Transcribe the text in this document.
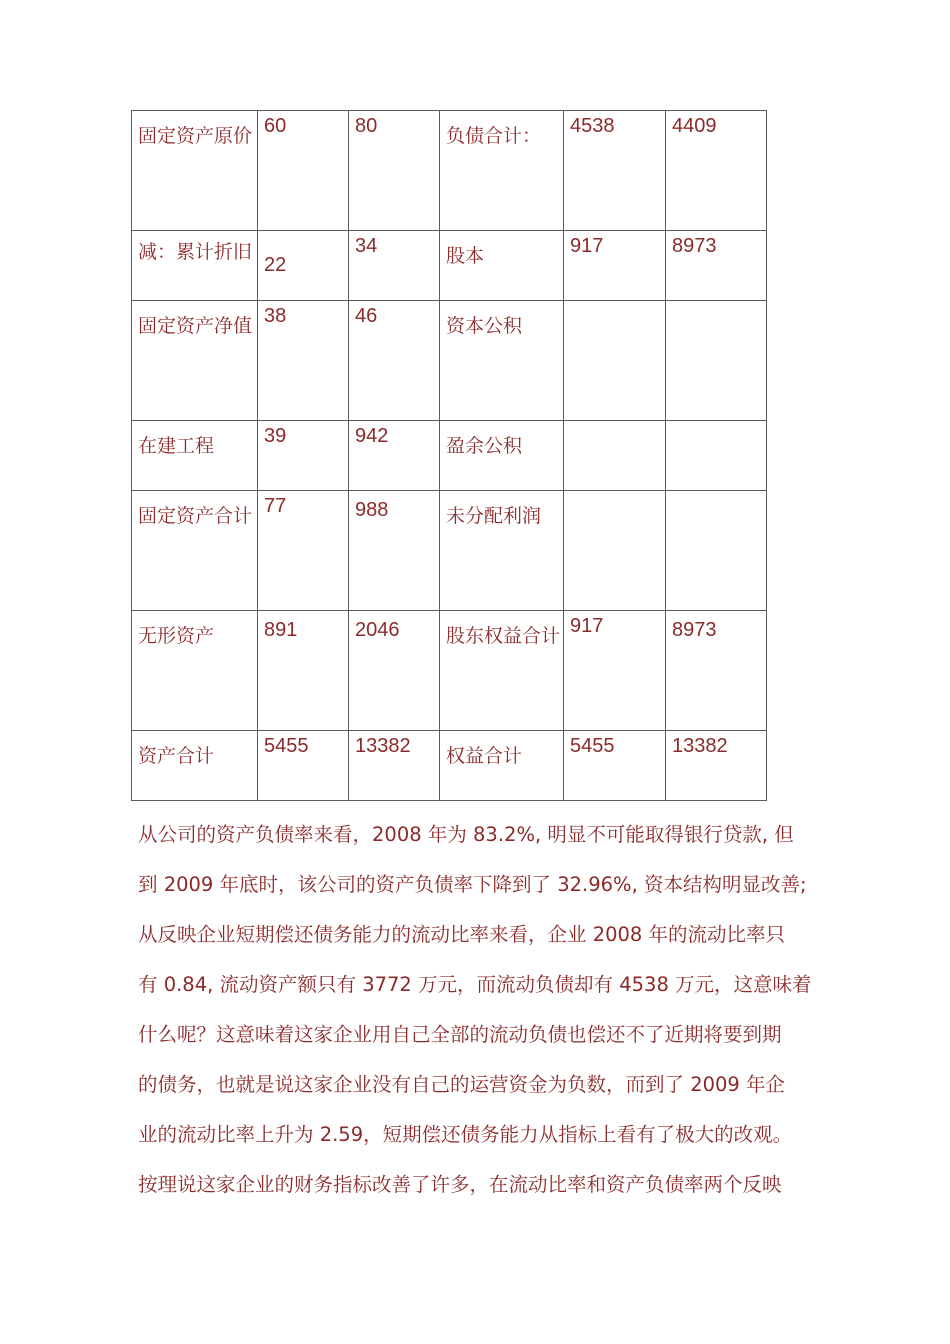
固定资产原价	60	80	负债合计：	4538	4409
减：累计折旧	22	34	股本	917	8973
固定资产净值	38	46	资本公积		
在建工程	39	942	盈余公积		
固定资产合计	77	988	未分配利润		
无形资产	891	2046	股东权益合计	917	8973
资产合计	5455	13382	权益合计	5455	13382
从公司的资产负债率来看，2008 年为 83.2%, 明显不可能取得银行贷款, 但
到 2009 年底时，该公司的资产负债率下降到了 32.96%, 资本结构明显改善;
从反映企业短期偿还债务能力的流动比率来看，企业 2008 年的流动比率只
有 0.84, 流动资产额只有 3772 万元，而流动负债却有 4538 万元，这意味着
什么呢？这意味着这家企业用自己全部的流动负债也偿还不了近期将要到期
的债务，也就是说这家企业没有自己的运营资金为负数，而到了 2009 年企
业的流动比率上升为 2.59，短期偿还债务能力从指标上看有了极大的改观。
按理说这家企业的财务指标改善了许多，在流动比率和资产负债率两个反映
